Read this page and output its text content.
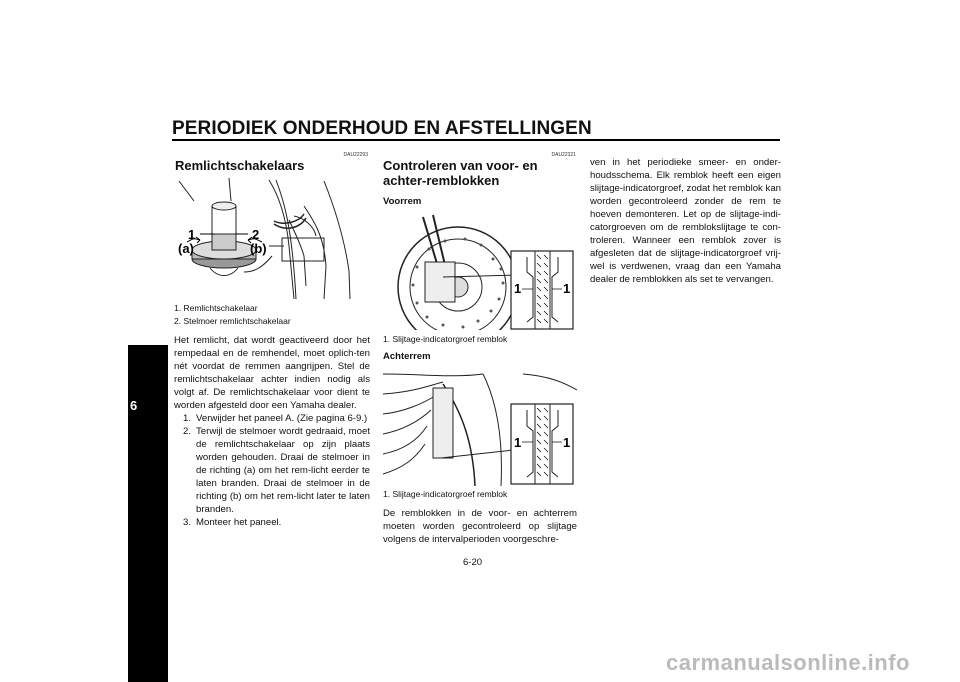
PERIODIEK ONDERHOUD EN AFSTELLINGEN
6
DAU22293
Remlichtschakelaars
1	2
(a)	(b)
1. Remlichtschakelaar
2. Stelmoer remlichtschakelaar

Het remlicht, dat wordt geactiveerd door het rempedaal en de remhendel, moet oplich-ten nét voordat de remmen aangrijpen. Stel de remlichtschakelaar achter indien nodig als volgt af. De remlichtschakelaar voor dient te worden afgesteld door een Yamaha dealer.

1. Verwijder het paneel A. (Zie pagina 6-9.)
2. Terwijl de stelmoer wordt gedraaid, moet de remlichtschakelaar op zijn plaats worden gehouden. Draai de stelmoer in de richting (a) om het rem-licht eerder te laten branden. Draai de stelmoer in de richting (b) om het rem-licht later te laten branden.
3. Monteer het paneel.
DAU22321
Controleren van voor- en achter-remblokken
Voorrem
1	1
1. Slijtage-indicatorgroef remblok
Achterrem
1	1
1. Slijtage-indicatorgroef remblok

De remblokken in de voor- en achterrem moeten worden gecontroleerd op slijtage volgens de intervalperioden voorgeschre-

ven in het periodieke smeer- en onder-houdsschema. Elk remblok heeft een eigen slijtage-indicatorgroef, zodat het remblok kan worden gecontroleerd zonder de rem te hoeven demonteren. Let op de slijtage-indi-catorgroeven om de remblokslijtage te con-troleren. Wanneer een remblok zover is afgesleten dat de slijtage-indicatorgroef vrij-wel is verdwenen, vraag dan een Yamaha dealer de remblokken als set te vervangen.

6-20
carmanualsonline.info
